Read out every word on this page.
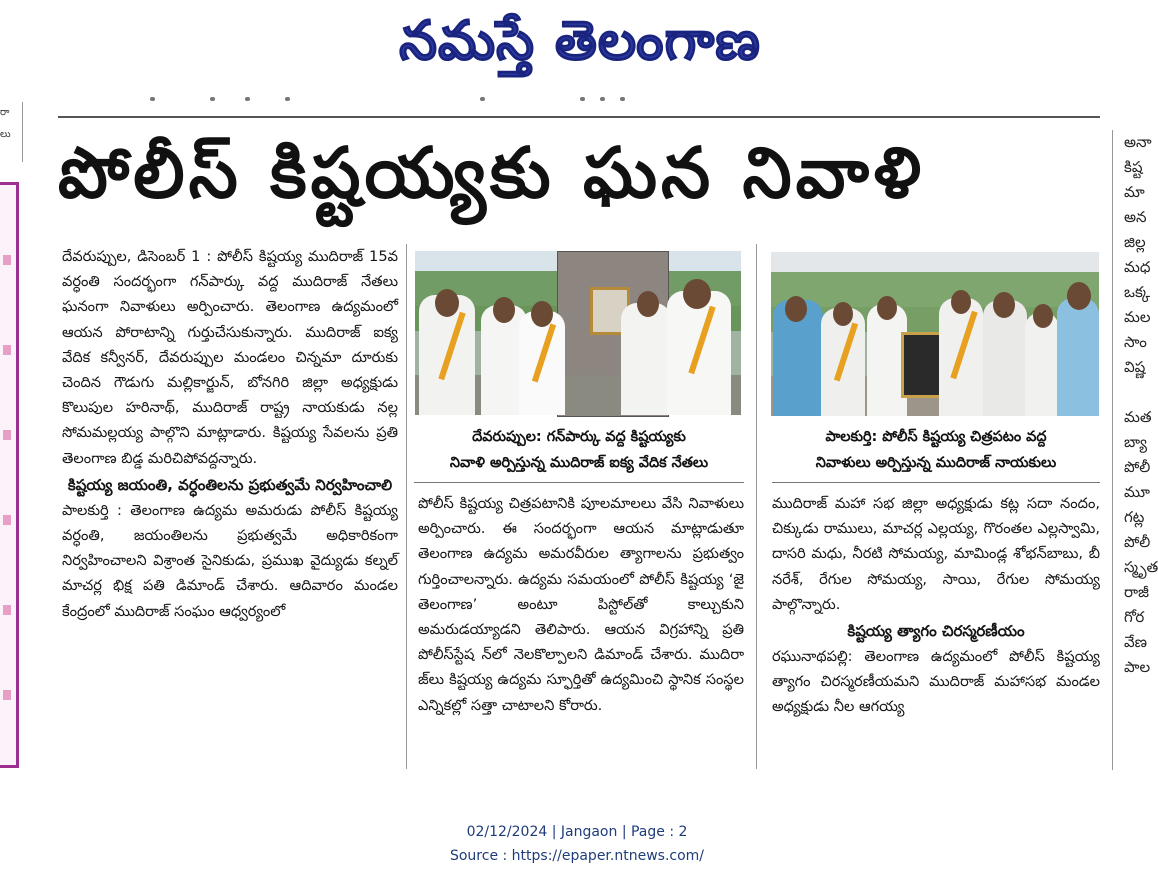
నమస్తే తెలంగాణ
రా
లు	అనా
కిష్ట
మా
అన
జిల్ల
మధ
ఒక్క
మల
సాం
విష్ణ

మత
బ్యా
పోలీ
మూ
గట్ల
పోలీ
స్మృత
రాజీ
గోర
వేణ
పాల
పోలీస్ కిష్టయ్యకు ఘన నివాళి

దేవరుప్పుల, డిసెంబర్ 1 : పోలీస్ కిష్టయ్య ముదిరాజ్ 15వ వర్ధంతి సందర్భంగా గన్‌పార్కు వద్ద ముదిరాజ్ నేతలు ఘనంగా నివాళులు అర్పించారు. తెలంగాణ ఉద్యమంలో ఆయన పోరాటాన్ని గుర్తుచేసుకున్నారు. ముదిరాజ్ ఐక్య వేదిక కన్వీనర్, దేవరుప్పుల మండలం చిన్నమా దూరుకు చెందిన గౌడుగు మల్లికార్జున్, బోనగిరి జిల్లా అధ్యక్షుడు కొలుపుల హరినాథ్, ముదిరాజ్ రాష్ట్ర నాయకుడు నల్ల సోమమల్లయ్య పాల్గొని మాట్లాడారు. కిష్టయ్య సేవలను ప్రతి తెలంగాణ బిడ్డ మరిచిపోవద్దన్నారు.

కిష్టయ్య జయంతి, వర్ధంతిలను ప్రభుత్వమే నిర్వహించాలి

పాలకుర్తి : తెలంగాణ ఉద్యమ అమరుడు పోలీస్ కిష్టయ్య వర్ధంతి, జయంతిలను ప్రభుత్వమే అధికారికంగా నిర్వహించాలని విశ్రాంత సైనికుడు, ప్రముఖ వైద్యుడు కల్నల్ మాచర్ల భిక్ష పతి డిమాండ్ చేశారు. ఆదివారం మండల కేంద్రంలో ముదిరాజ్ సంఘం ఆధ్వర్యంలో

దేవరుప్పుల: గన్‌పార్కు వద్ద కిష్టయ్యకు
నివాళి అర్పిస్తున్న ముదిరాజ్ ఐక్య వేదిక నేతలు
పాలకుర్తి: పోలీస్ కిష్టయ్య చిత్రపటం వద్ద
నివాళులు అర్పిస్తున్న ముదిరాజ్ నాయకులు

పోలీస్ కిష్టయ్య చిత్రపటానికి పూలమాలలు వేసి నివాళులు అర్పించారు. ఈ సందర్భంగా ఆయన మాట్లాడుతూ తెలంగాణ ఉద్యమ అమరవీరుల త్యాగాలను ప్రభుత్వం గుర్తించాలన్నారు. ఉద్యమ సమయంలో పోలీస్ కిష్టయ్య ‘జై తెలంగాణ’ అంటూ పిస్టోల్‌తో కాల్చుకుని అమరుడయ్యాడని తెలిపారు. ఆయన విగ్రహాన్ని ప్రతి పోలీస్‌స్టేష న్‌లో నెలకొల్పాలని డిమాండ్ చేశారు. ముదిరా జ్‌లు కిష్టయ్య ఉద్యమ స్ఫూర్తితో ఉద్యమించి స్థానిక సంస్థల ఎన్నికల్లో సత్తా చాటాలని కోరారు.

ముదిరాజ్ మహా సభ జిల్లా అధ్యక్షుడు కట్ల సదా నందం, చిక్కుడు రాములు, మాచర్ల ఎల్లయ్య, గొరంతల ఎల్లస్వామి, దాసరి మధు, నీరటి సోమయ్య, మామిండ్ల శోభన్‌బాబు, బీ నరేశ్, రేగుల సోమయ్య, సాయి, రేగుల సోమయ్య పాల్గొన్నారు.

కిష్టయ్య త్యాగం చిరస్మరణీయం

రఘునాథపల్లి: తెలంగాణ ఉద్యమంలో పోలీస్ కిష్టయ్య త్యాగం చిరస్మరణీయమని ముదిరాజ్ మహాసభ మండల అధ్యక్షుడు నీల ఆగయ్య

02/12/2024 | Jangaon | Page : 2
Source : https://epaper.ntnews.com/
